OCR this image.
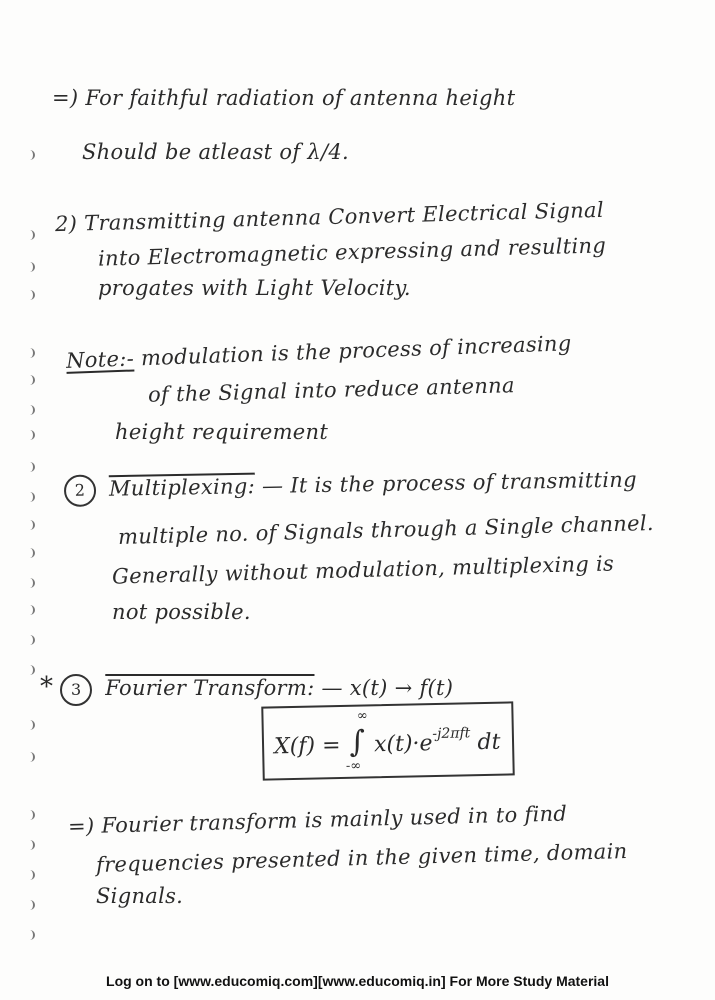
=) For faithful radiation of antenna height
Should be atleast of λ/4.
2) Transmitting antenna Convert Electrical Signal
into Electromagnetic expressing and resulting
progates with Light Velocity.
Note:- modulation is the process of increasing
of the Signal into reduce antenna
height requirement
2 Multiplexing: — It is the process of transmitting
multiple no. of Signals through a Single channel.
Generally without modulation, multiplexing is
not possible.
* 3 Fourier Transform: — x(t) → f(t)
X(f) = ∫
∞
-∞
$x(t)\cdot e^{-j2\pi ft}$ dt
=) Fourier transform is mainly used in to find
frequencies presented in the given time, domain
Signals.
Log on to [www.educomiq.com][www.educomiq.in] For More Study Material
